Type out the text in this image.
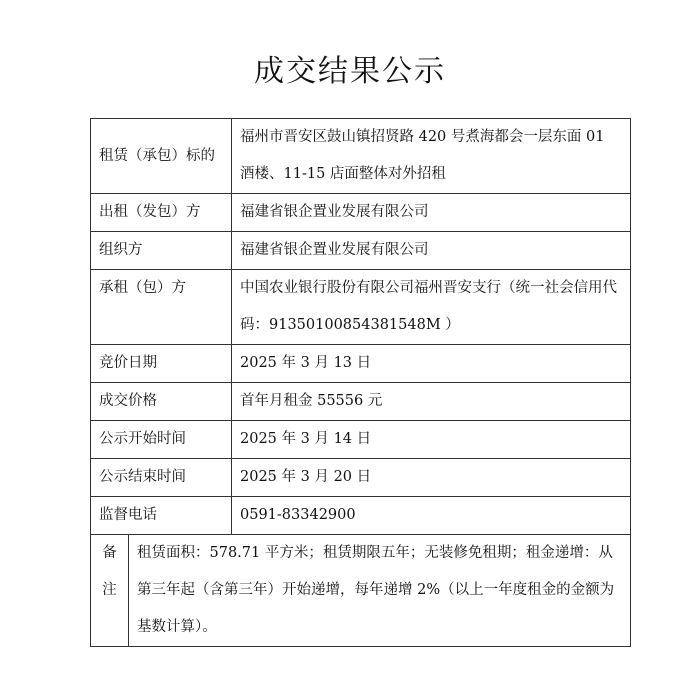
成交结果公示
租赁（承包）标的		福州市晋安区鼓山镇招贤路 420 号煮海都会一层东面 01 酒楼、11-15 店面整体对外招租
出租（发包）方		福建省银企置业发展有限公司
组织方		福建省银企置业发展有限公司
承租（包）方		中国农业银行股份有限公司福州晋安支行（统一社会信用代码：91350100854381548M ）
竞价日期		2025 年 3 月 13 日
成交价格		首年月租金 55556 元
公示开始时间		2025 年 3 月 14 日
公示结束时间		2025 年 3 月 20 日
监督电话		0591-83342900

备
注	租赁面积：578.71 平方米；租赁期限五年；无装修免租期；租金递增：从第三年起（含第三年）开始递增，每年递增 2%（以上一年度租金的金额为基数计算）。	
